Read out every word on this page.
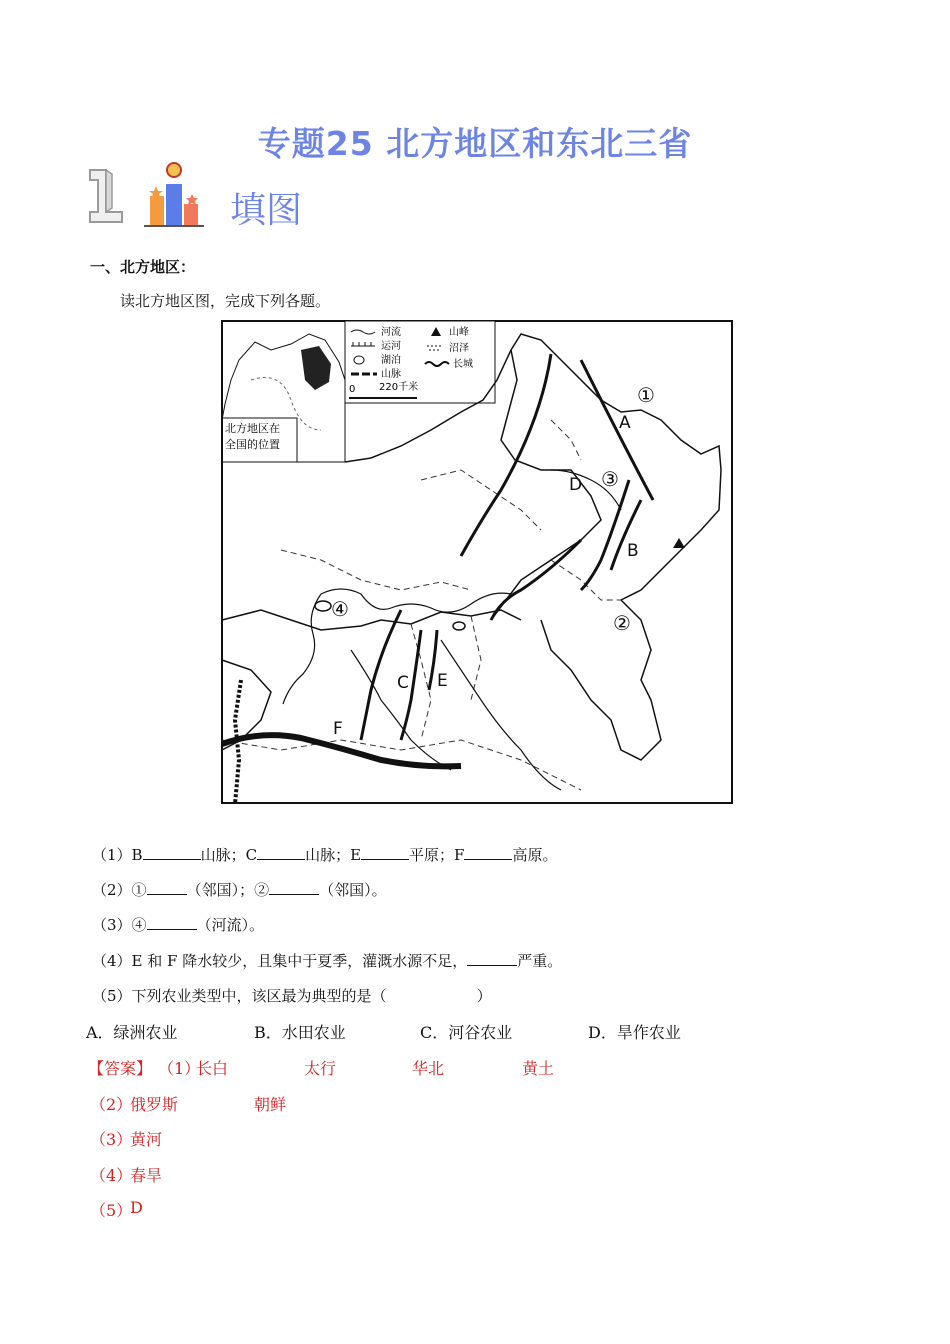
专题25 北方地区和东北三省
填图
一、北方地区：
读北方地区图，完成下列各题。
北方地区在
全国的位置
河流
运河
湖泊
山脉
山峰
沼泽
长城
0 220千米
A
B
C
D
E
F
①
②
③
④
（1）B	山脉；C	山脉；E	平原；F	高原。
（2）①	（邻国）；②	（邻国）。
（3）④	（河流）。
（4）E 和 F 降水较少，且集中于夏季，灌溉水源不足，	严重。
（5）下列农业类型中，该区最为典型的是（	）
A．绿洲农业	B．水田农业	C．河谷农业	D．旱作农业
【答案】 （1）
长白	太行	华北	黄土
（2）
俄罗斯	朝鲜
（3）
黄河
（4）
春旱
（5）
D
